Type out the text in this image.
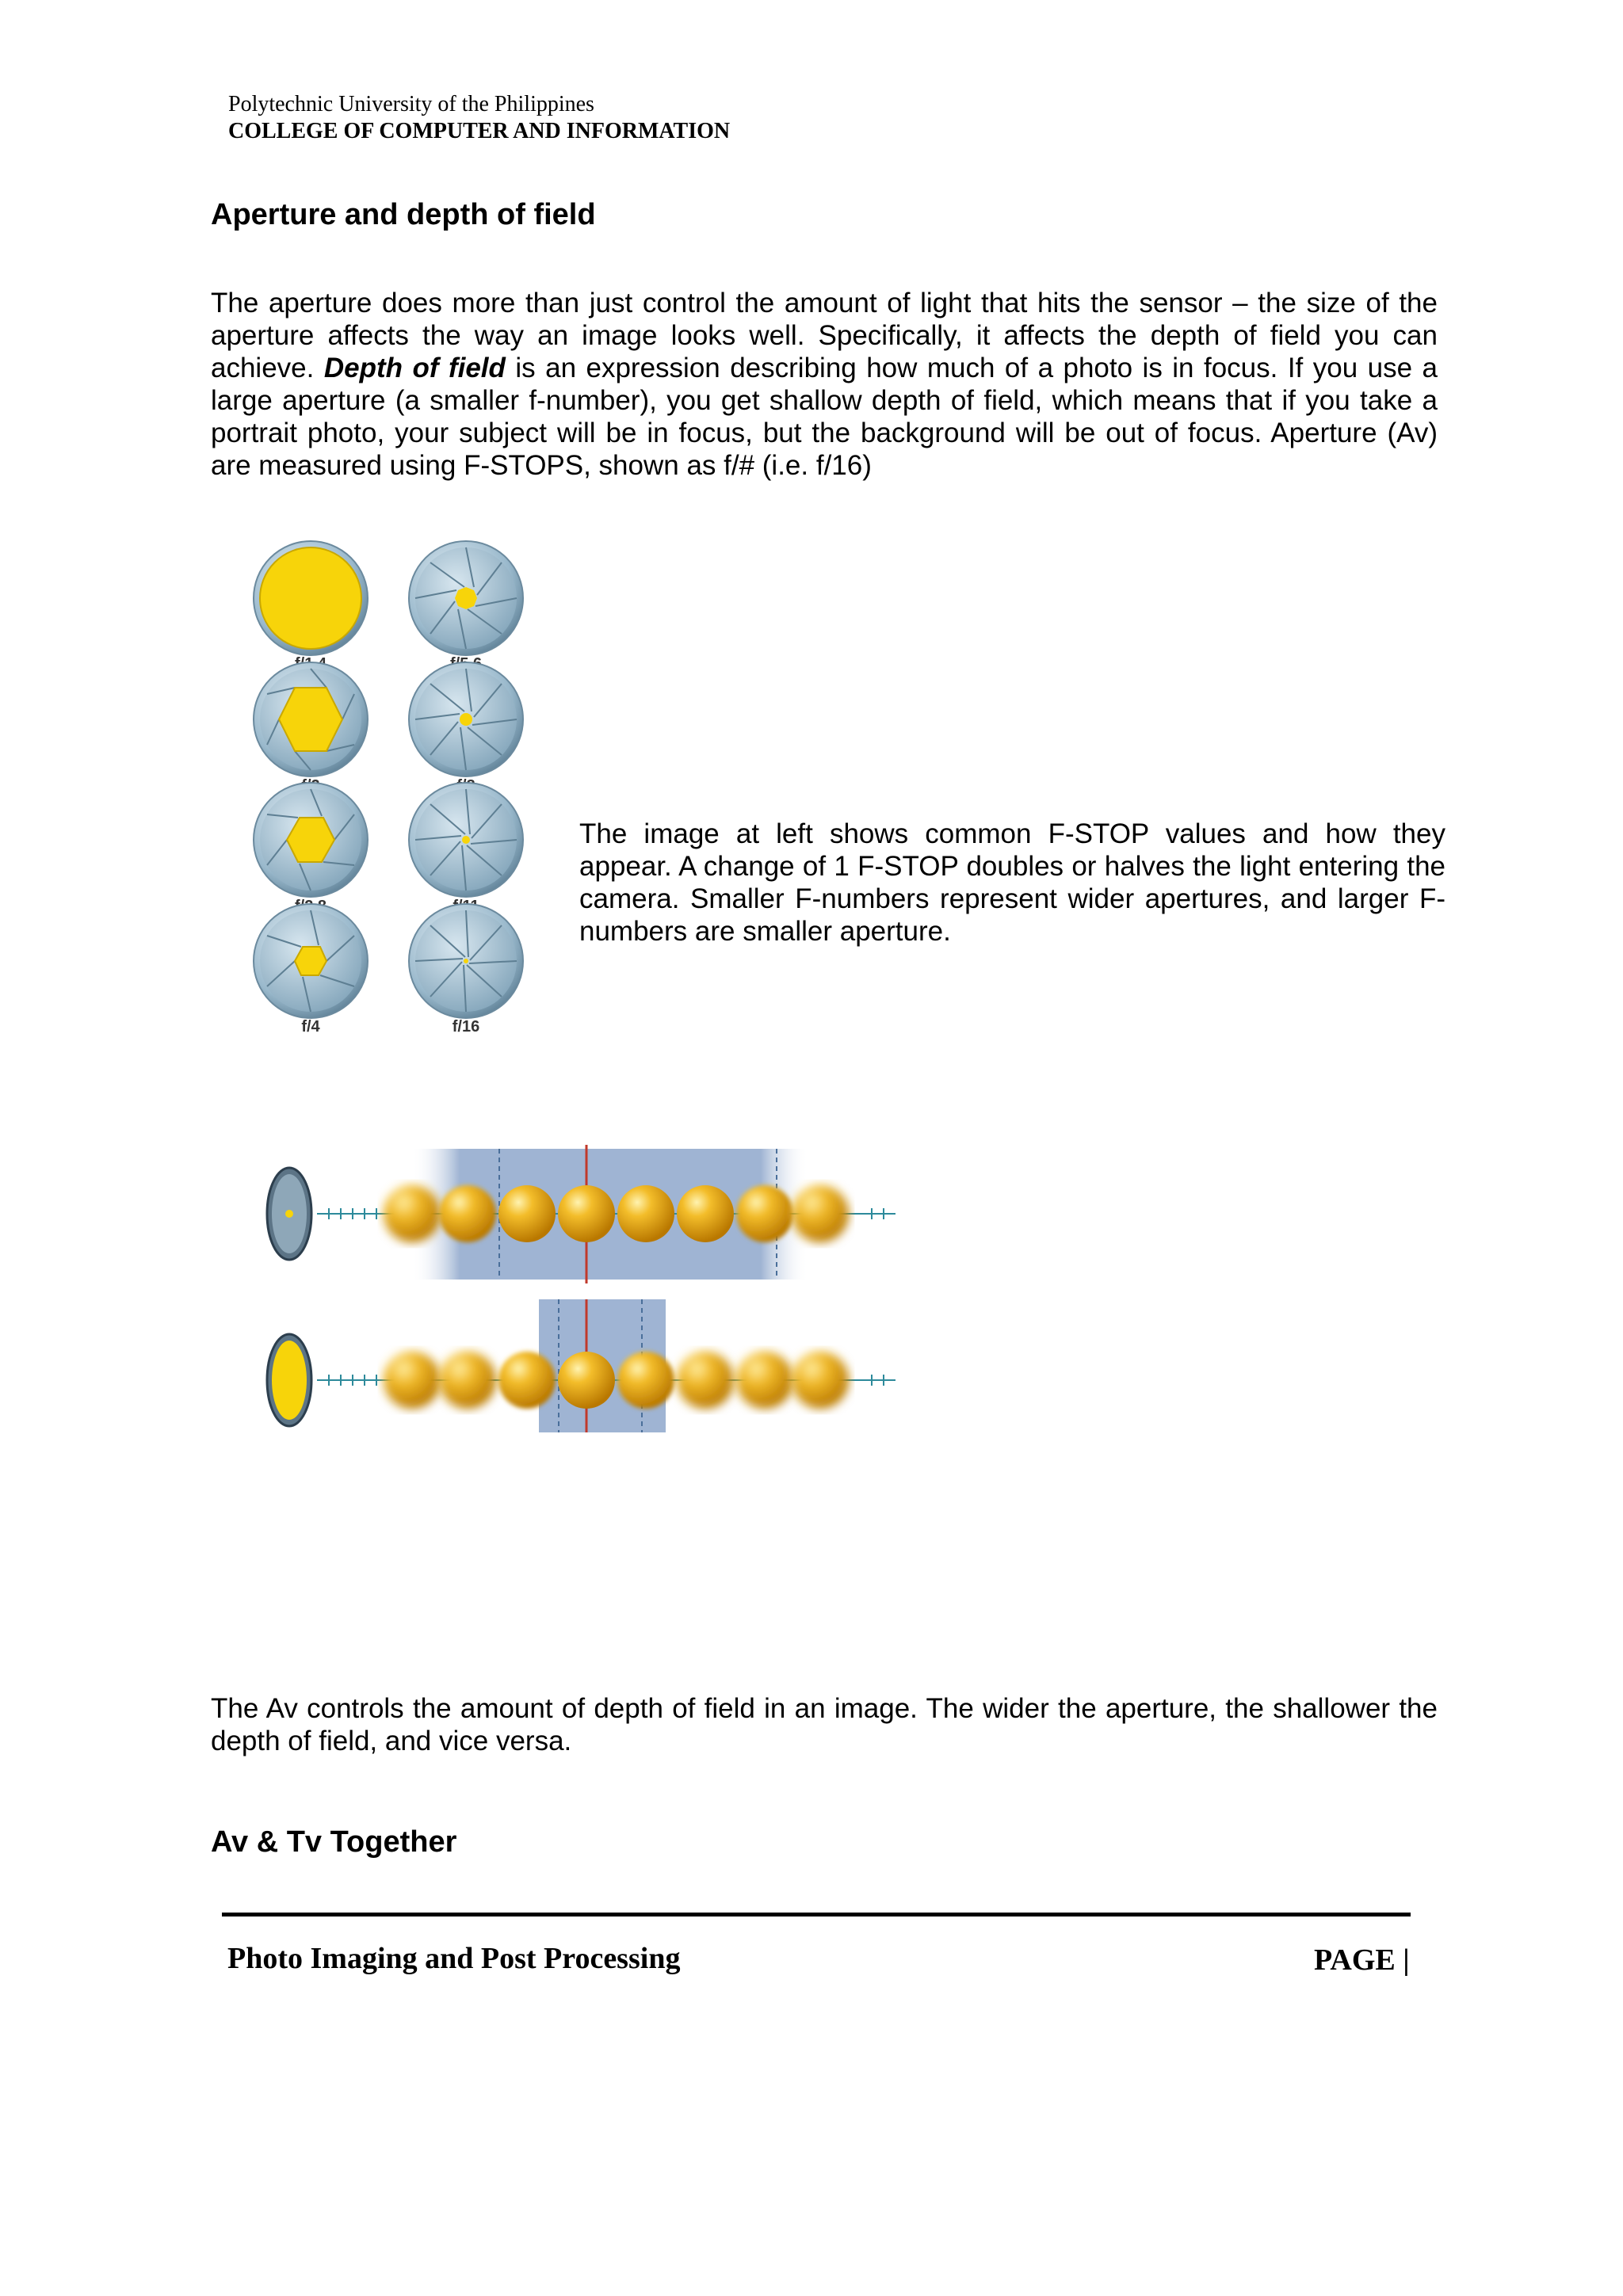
Polytechnic University of the Philippines
COLLEGE OF COMPUTER AND INFORMATION
Aperture and depth of field
The aperture does more than just control the amount of light that hits the sensor – the size of the aperture affects the way an image looks well. Specifically, it affects the depth of field you can achieve. Depth of field is an expression describing how much of a photo is in focus. If you use a large aperture (a smaller f-number), you get shallow depth of field, which means that if you take a portrait photo, your subject will be in focus, but the background will be out of focus. Aperture (Av) are measured using F-STOPS, shown as f/# (i.e. f/16)
f/4	f/16
The image at left shows common F-STOP values and how they appear. A change of 1 F-STOP doubles or halves the light entering the camera. Smaller F-numbers represent wider apertures, and larger F- numbers are smaller aperture.
The Av controls the amount of depth of field in an image. The wider the aperture, the shallower the depth of field, and vice versa.
Av & Tv Together
Photo Imaging and Post Processing	PAGE |
